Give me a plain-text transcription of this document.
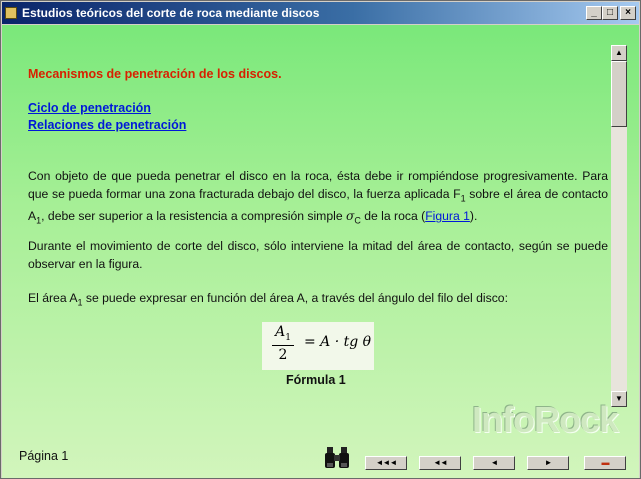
Estudios teóricos del corte de roca mediante discos	_	□	×
Mecanismos de penetración de los discos.
Ciclo de penetración
Relaciones de penetración
Con objeto de que pueda penetrar el disco en la roca, ésta debe ir rompiéndose progresivamente. Para que se pueda formar una zona fracturada debajo del disco, la fuerza aplicada $F_1$ sobre el área de contacto $A_1$, debe ser superior a la resistencia a compresión simple $\sigma_C$ de la roca (Figura 1).
Durante el movimiento de corte del disco, sólo interviene la mitad del área de contacto, según se puede observar en la figura.
El área $A_1$ se puede expresar en función del área A, a través del ángulo del filo del disco:
$\frac{A_1}{2} = A$ · tg θ
Fórmula 1
▲
▼
InfoRock
Página 1	◄◄◄	◄◄	◄	►	▬
